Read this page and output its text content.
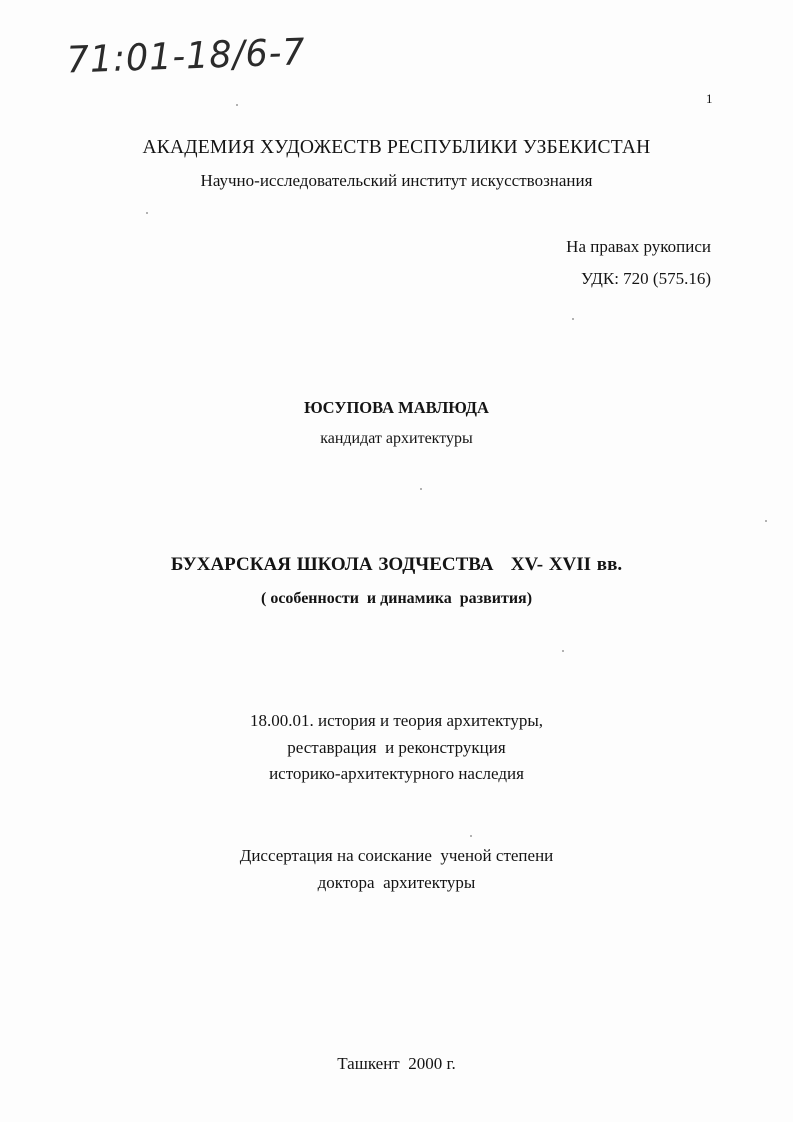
71:01-18/6-7
1
АКАДЕМИЯ ХУДОЖЕСТВ РЕСПУБЛИКИ УЗБЕКИСТАН
Научно-исследовательский институт искусствознания
На правах рукописи
УДК: 720 (575.16)
ЮСУПОВА МАВЛЮДА
кандидат архитектуры
БУХАРСКАЯ ШКОЛА ЗОДЧЕСТВА   XV- XVII вв.
( особенности  и динамика  развития)
18.00.01. история и теория архитектуры,
реставрация  и реконструкция
историко-архитектурного наследия
Диссертация на соискание  ученой степени
доктора  архитектуры
Ташкент  2000 г.
